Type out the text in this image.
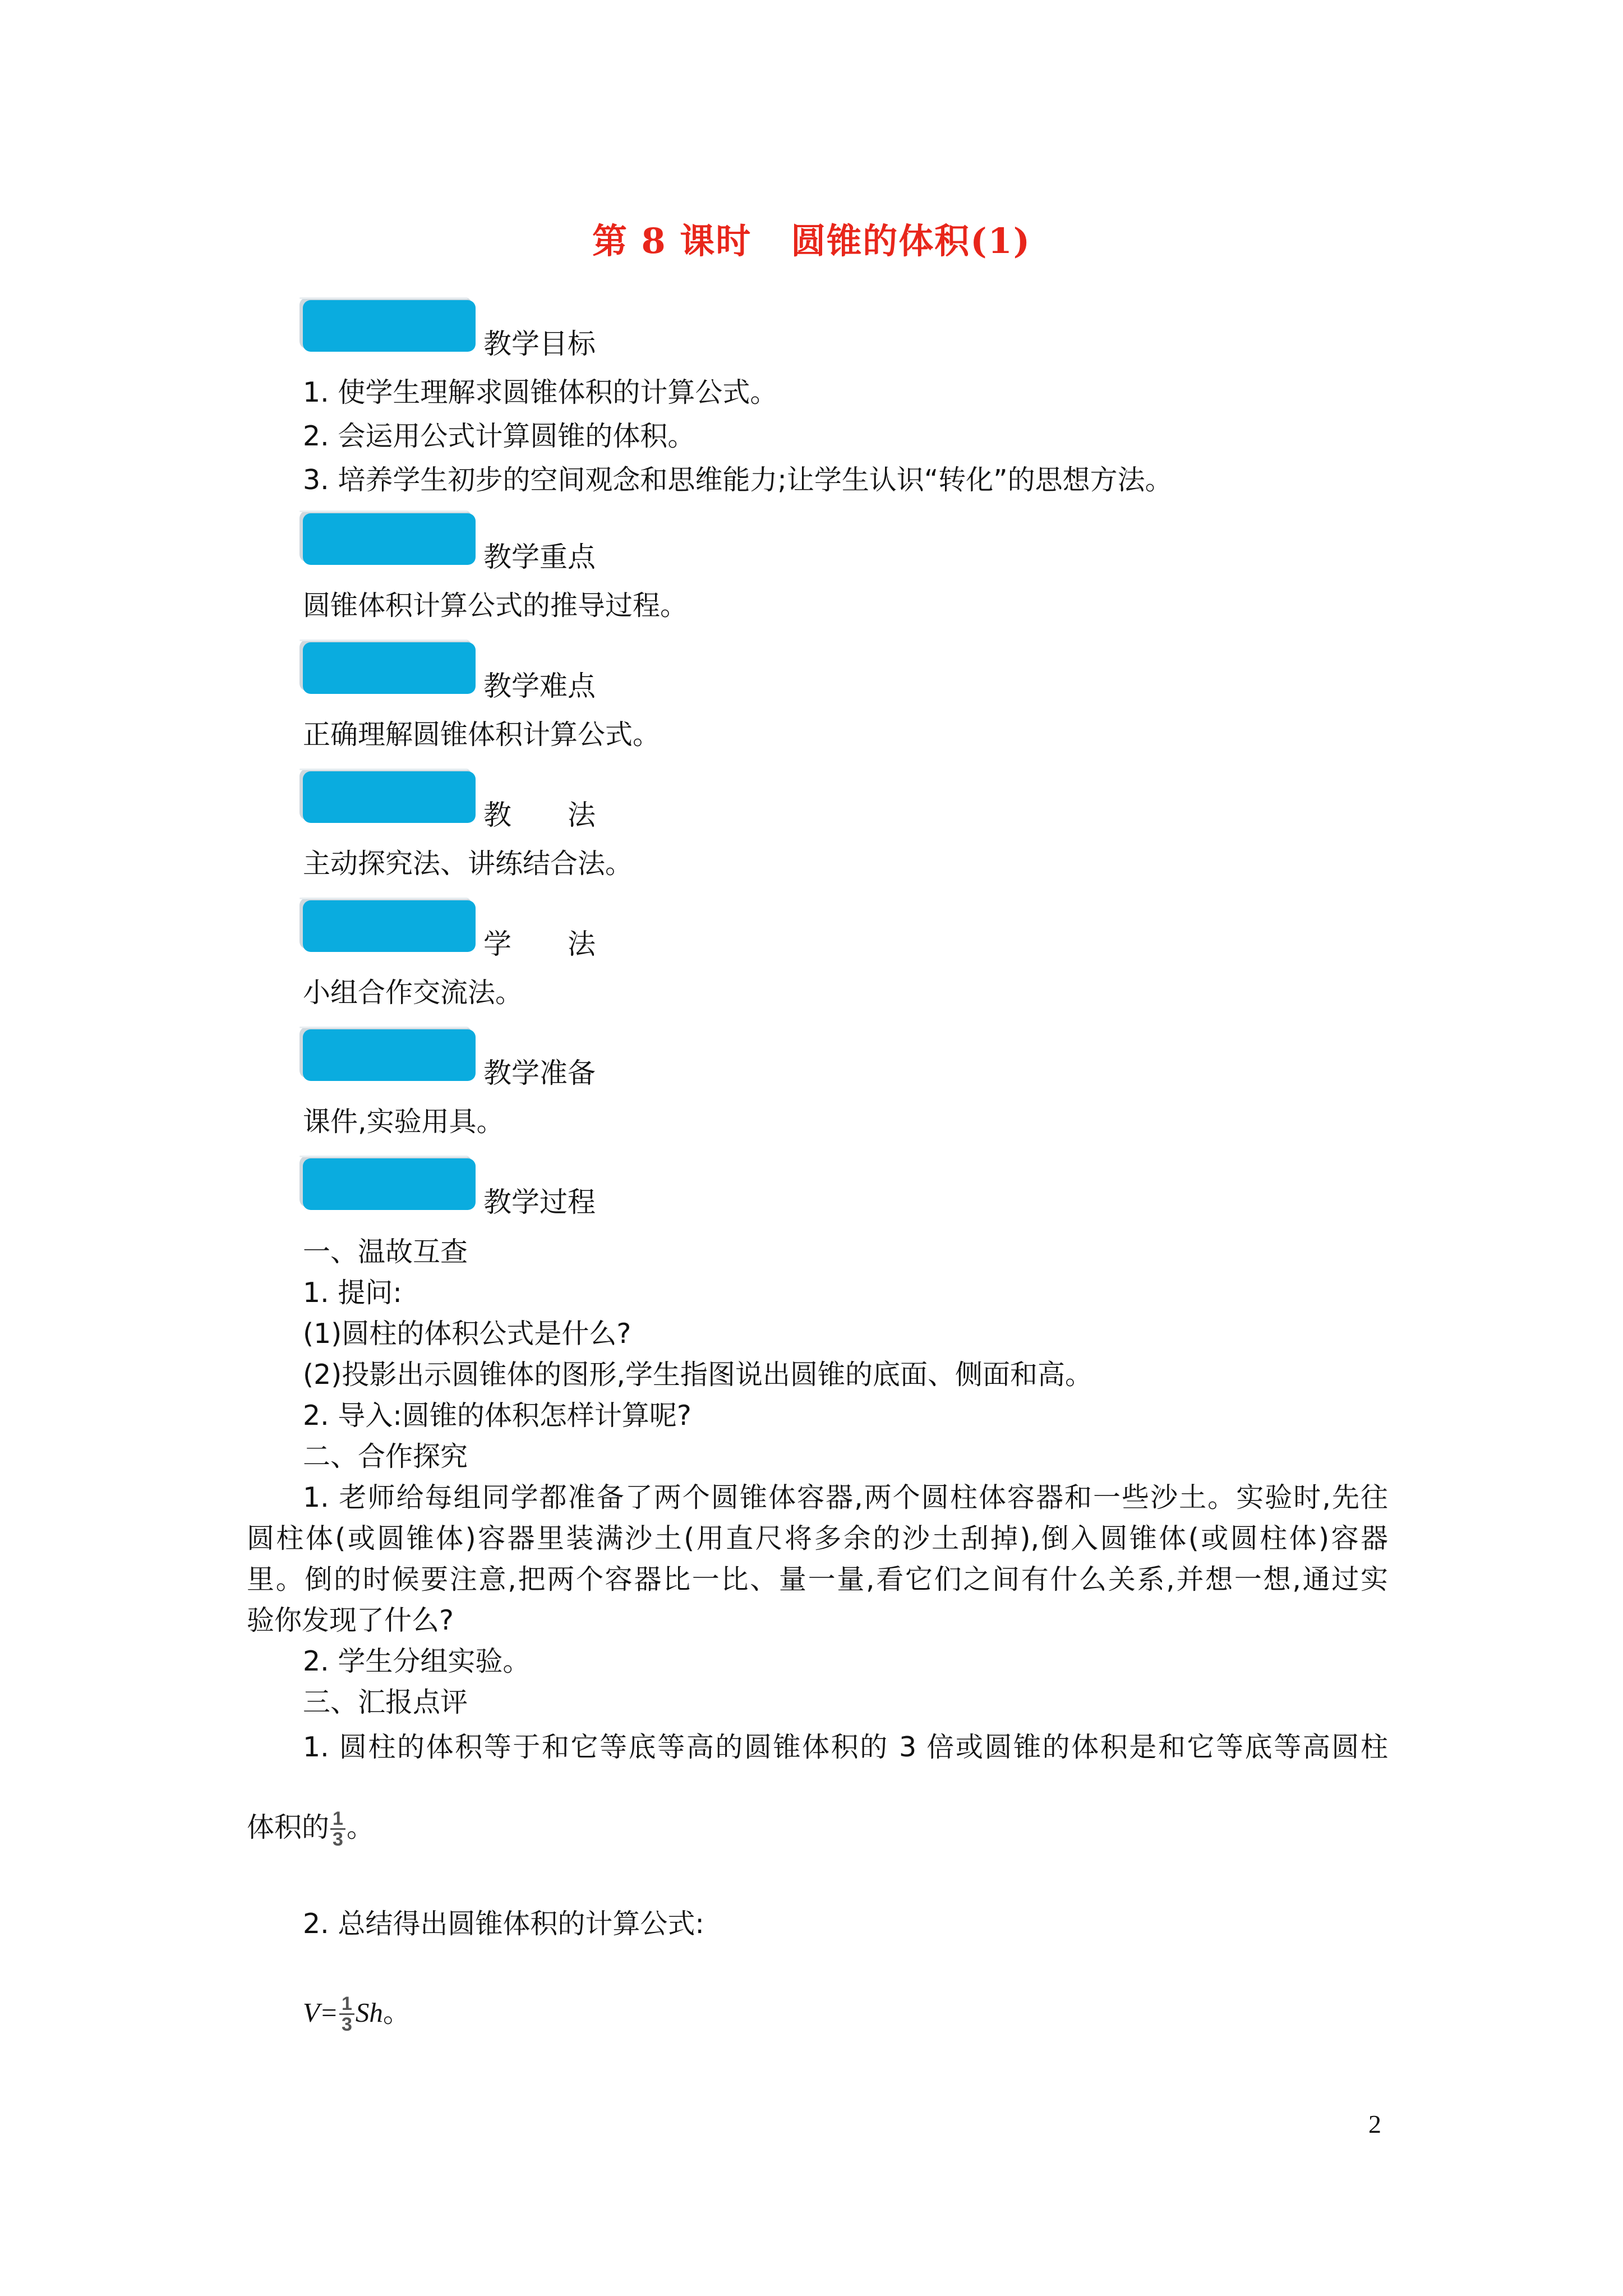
第 8 课时 圆锥的体积(1)
教学目标
1. 使学生理解求圆锥体积的计算公式。
2. 会运用公式计算圆锥的体积。
3. 培养学生初步的空间观念和思维能力;让学生认识“转化”的思想方法。
教学重点
圆锥体积计算公式的推导过程。
教学难点
正确理解圆锥体积计算公式。
教　　法
主动探究法、讲练结合法。
学　　法
小组合作交流法。
教学准备
课件,实验用具。
教学过程
一、温故互查
1. 提问:
(1)圆柱的体积公式是什么?
(2)投影出示圆锥体的图形,学生指图说出圆锥的底面、侧面和高。
2. 导入:圆锥的体积怎样计算呢?
二、合作探究
1. 老师给每组同学都准备了两个圆锥体容器,两个圆柱体容器和一些沙土。实验时,先往
圆柱体(或圆锥体)容器里装满沙土(用直尺将多余的沙土刮掉),倒入圆锥体(或圆柱体)容器
里。倒的时候要注意,把两个容器比一比、量一量,看它们之间有什么关系,并想一想,通过实
验你发现了什么?
2. 学生分组实验。
三、汇报点评
1. 圆柱的体积等于和它等底等高的圆锥体积的 3 倍或圆锥的体积是和它等底等高圆柱
体积的 $\frac{1}{3}$ 。
2. 总结得出圆锥体积的计算公式:
$V= \frac{1}{3}$ Sh。
2
